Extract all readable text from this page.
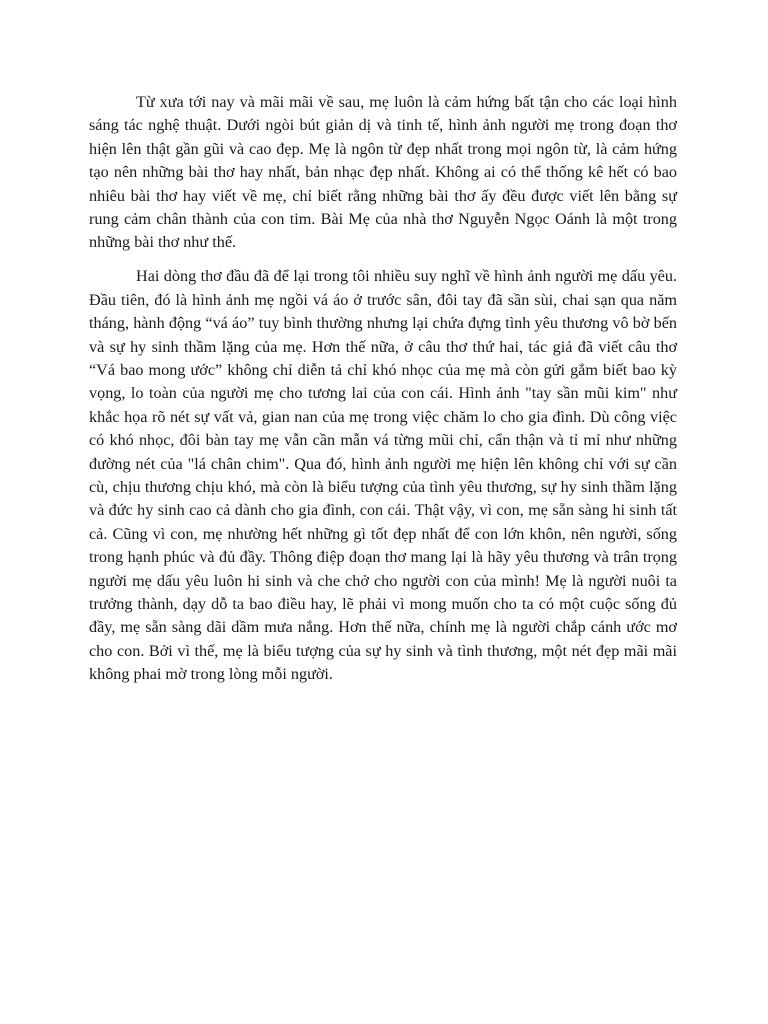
Từ xưa tới nay và mãi mãi về sau, mẹ luôn là cảm hứng bất tận cho các loại hình sáng tác nghệ thuật. Dưới ngòi bút giản dị và tinh tế, hình ảnh người mẹ trong đoạn thơ hiện lên thật gần gũi và cao đẹp. Mẹ là ngôn từ đẹp nhất trong mọi ngôn từ, là cảm hứng tạo nên những bài thơ hay nhất, bản nhạc đẹp nhất. Không ai có thể thống kê hết có bao nhiêu bài thơ hay viết về mẹ, chỉ biết rằng những bài thơ ấy đều được viết lên bằng sự rung cảm chân thành của con tim. Bài Mẹ của nhà thơ Nguyễn Ngọc Oánh là một trong những bài thơ như thế.

Hai dòng thơ đầu đã để lại trong tôi nhiều suy nghĩ về hình ảnh người mẹ dấu yêu. Đầu tiên, đó là hình ảnh mẹ ngồi vá áo ở trước sân, đôi tay đã sần sùi, chai sạn qua năm tháng, hành động “vá áo” tuy bình thường nhưng lại chứa đựng tình yêu thương vô bờ bến và sự hy sinh thầm lặng của mẹ. Hơn thế nữa, ở câu thơ thứ hai, tác giả đã viết câu thơ “Vá bao mong ước” không chỉ diễn tả chỉ khó nhọc của mẹ mà còn gửi gắm biết bao kỳ vọng, lo toàn của người mẹ cho tương lai của con cái. Hình ảnh "tay sần mũi kim" như khắc họa rõ nét sự vất vả, gian nan của mẹ trong việc chăm lo cho gia đình. Dù công việc có khó nhọc, đôi bàn tay mẹ vẫn cần mẫn vá từng mũi chỉ, cẩn thận và tỉ mỉ như những đường nét của "lá chân chim". Qua đó, hình ảnh người mẹ hiện lên không chỉ với sự cần cù, chịu thương chịu khó, mà còn là biểu tượng của tình yêu thương, sự hy sinh thầm lặng và đức hy sinh cao cả dành cho gia đình, con cái. Thật vậy, vì con, mẹ sẵn sàng hi sinh tất cả. Cũng vì con, mẹ nhường hết những gì tốt đẹp nhất để con lớn khôn, nên người, sống trong hạnh phúc và đủ đầy. Thông điệp đoạn thơ mang lại là hãy yêu thương và trân trọng người mẹ dấu yêu luôn hi sinh và che chở cho người con của mình! Mẹ là người nuôi ta trưởng thành, dạy dỗ ta bao điều hay, lẽ phải vì mong muốn cho ta có một cuộc sống đủ đầy, mẹ sẵn sàng dãi dầm mưa nắng. Hơn thế nữa, chính mẹ là người chắp cánh ước mơ cho con. Bởi vì thế, mẹ là biểu tượng của sự hy sinh và tình thương, một nét đẹp mãi mãi không phai mờ trong lòng mỗi người.
